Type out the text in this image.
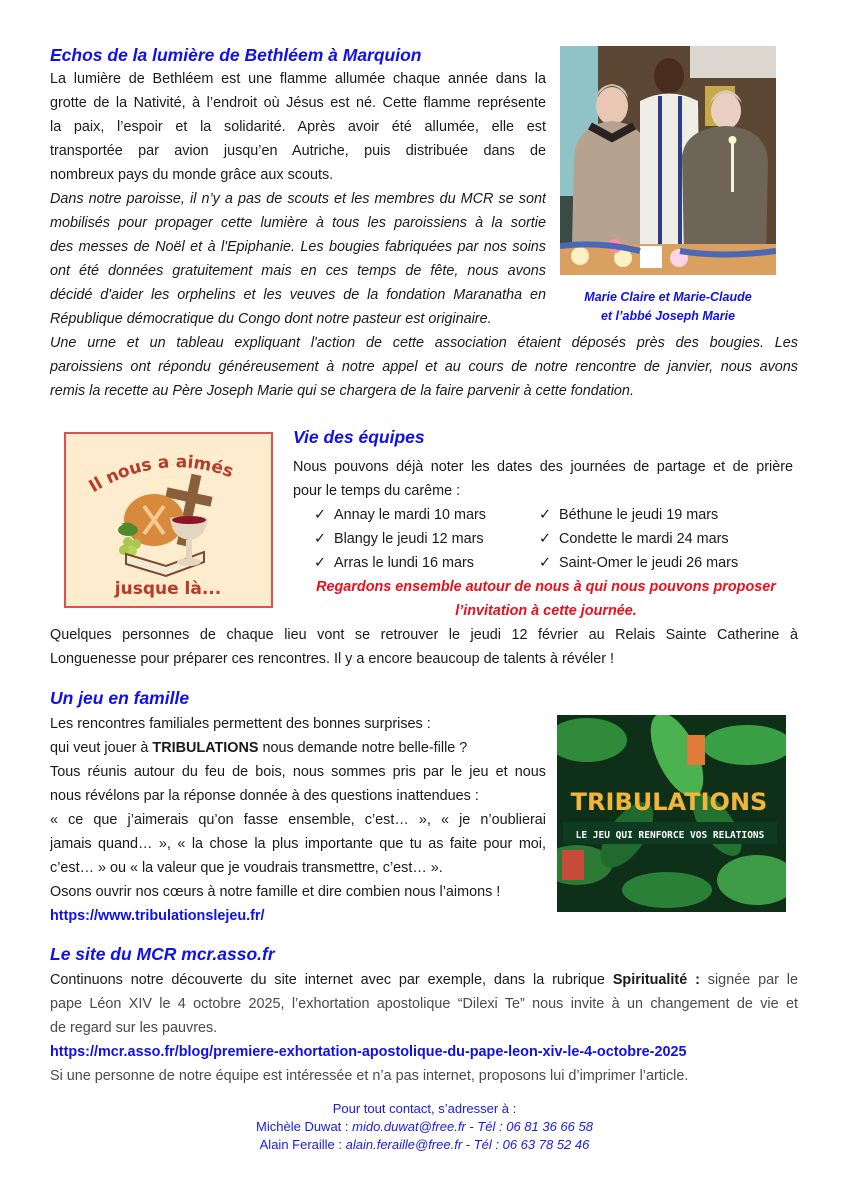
Echos de la lumière de Bethléem à Marquion
La lumière de Bethléem est une flamme allumée chaque année dans la
grotte de la Nativité, à l’endroit où Jésus est né. Cette flamme représente
la paix, l’espoir et la solidarité. Après avoir été allumée, elle est
transportée par avion jusqu’en Autriche, puis distribuée dans de
nombreux pays du monde grâce aux scouts.
Dans notre paroisse, il n’y a pas de scouts et les membres du MCR se sont
mobilisés pour propager cette lumière à tous les paroissiens à la sortie
des messes de Noël et à l'Epiphanie. Les bougies fabriquées par nos soins
ont été données gratuitement mais en ces temps de fête, nous avons
décidé d'aider les orphelins et les veuves de la fondation Maranatha en
République démocratique du Congo dont notre pasteur est originaire.
Une urne et un tableau expliquant l'action de cette association étaient déposés près des bougies. Les
paroissiens ont répondu généreusement à notre appel et au cours de notre rencontre de janvier, nous avons
remis la recette au Père Joseph Marie qui se chargera de la faire parvenir à cette fondation.
Marie Claire et Marie-Claude
et l’abbé Joseph Marie
Il nous a aimés
jusque là...
Vie des équipes
Nous pouvons déjà noter les dates des journées de partage et de prière
pour le temps du carême :
✓ Annay le mardi 10 mars	✓ Béthune le jeudi 19 mars
✓ Blangy le jeudi 12 mars	✓ Condette le mardi 24 mars
✓ Arras le lundi 16 mars	✓ Saint-Omer le jeudi 26 mars
Regardons ensemble autour de nous à qui nous pouvons proposer
l’invitation à cette journée.
Quelques personnes de chaque lieu vont se retrouver le jeudi 12 février au Relais Sainte Catherine à
Longuenesse pour préparer ces rencontres. Il y a encore beaucoup de talents à révéler !
Un jeu en famille
Les rencontres familiales permettent des bonnes surprises :
qui veut jouer à TRIBULATIONS nous demande notre belle-fille ?
Tous réunis autour du feu de bois, nous sommes pris par le jeu et nous
nous révélons par la réponse donnée à des questions inattendues :
« ce que j’aimerais qu’on fasse ensemble, c’est… », « je n’oublierai
jamais quand… », « la chose la plus importante que tu as faite pour moi,
c’est… » ou « la valeur que je voudrais transmettre, c’est… ».
Osons ouvrir nos cœurs à notre famille et dire combien nous l’aimons !
https://www.tribulationslejeu.fr/
TRIBULATIONS
LE JEU QUI RENFORCE VOS RELATIONS
Le site du MCR mcr.asso.fr
Continuons notre découverte du site internet avec par exemple, dans la rubrique Spiritualité : signée par le
pape Léon XIV le 4 octobre 2025, l’exhortation apostolique “Dilexi Te” nous invite à un changement de vie et
de regard sur les pauvres.
https://mcr.asso.fr/blog/premiere-exhortation-apostolique-du-pape-leon-xiv-le-4-octobre-2025
Si une personne de notre équipe est intéressée et n’a pas internet, proposons lui d’imprimer l’article.
Pour tout contact, s’adresser à :
Michèle Duwat : mido.duwat@free.fr - Tél : 06 81 36 66 58
Alain Feraille : alain.feraille@free.fr - Tél : 06 63 78 52 46
